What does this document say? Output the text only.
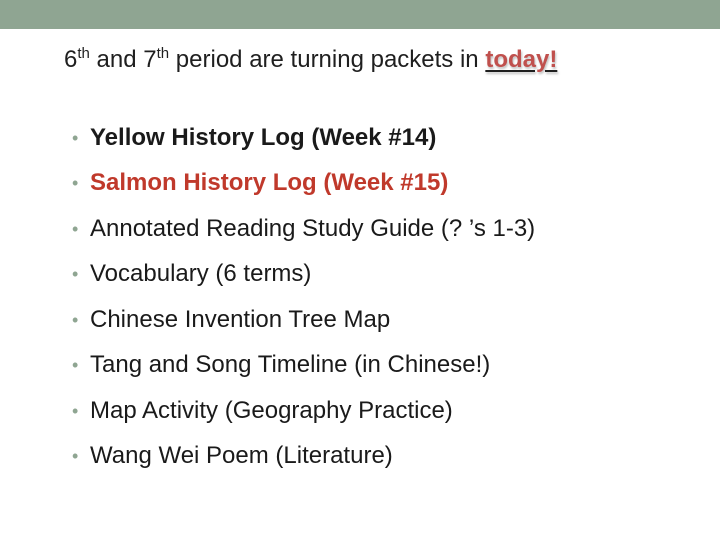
6th and 7th period are turning packets in today!
• Yellow History Log (Week #14)
• Salmon History Log (Week #15)
• Annotated Reading Study Guide (? ’s 1-3)
• Vocabulary (6 terms)
• Chinese Invention Tree Map
• Tang and Song Timeline (in Chinese!)
• Map Activity (Geography Practice)
• Wang Wei Poem (Literature)
